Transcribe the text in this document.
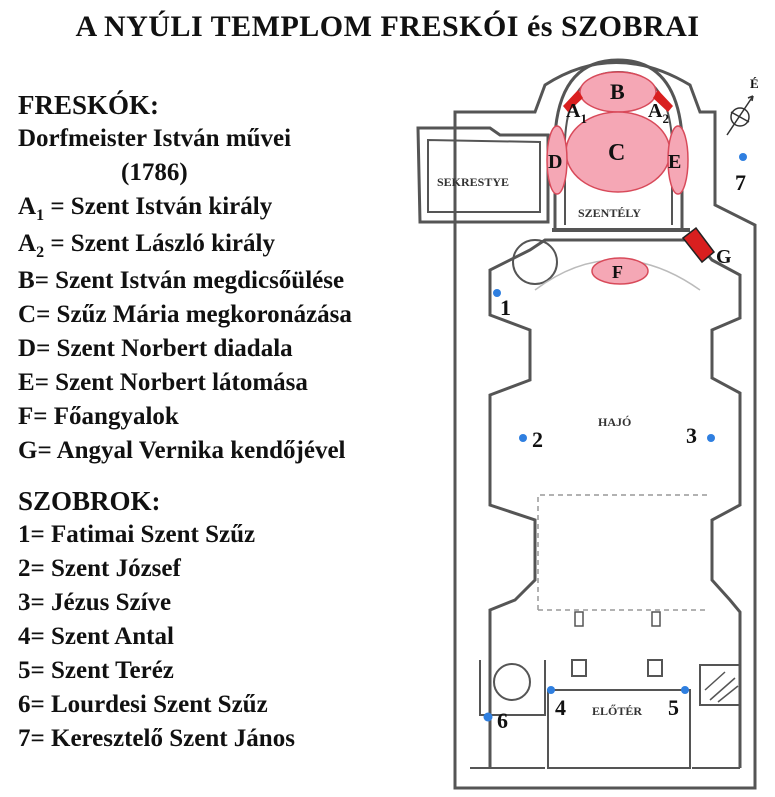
A NYÚLI TEMPLOM FRESKÓI és SZOBRAI
FRESKÓK:
Dorfmeister István művei
(1786)
$A_1$ = Szent István király
$A_2$ = Szent László király
B= Szent István megdicsőülése
C= Szűz Mária megkoronázása
D= Szent Norbert diadala
E= Szent Norbert látomása
F= Főangyalok
G= Angyal Vernika kendőjével
SZOBROK:
1= Fatimai Szent Szűz
2= Szent József
3= Jézus Szíve
4= Szent Antal
5= Szent Teréz
6= Lourdesi Szent Szűz
7= Keresztelő Szent János
B
C
D	E
F
G
$A_1$	$A_2$
SEKRESTYE
SZENTÉLY
HAJÓ
ELŐTÉR
1
2	3
4	5
6
7
É
